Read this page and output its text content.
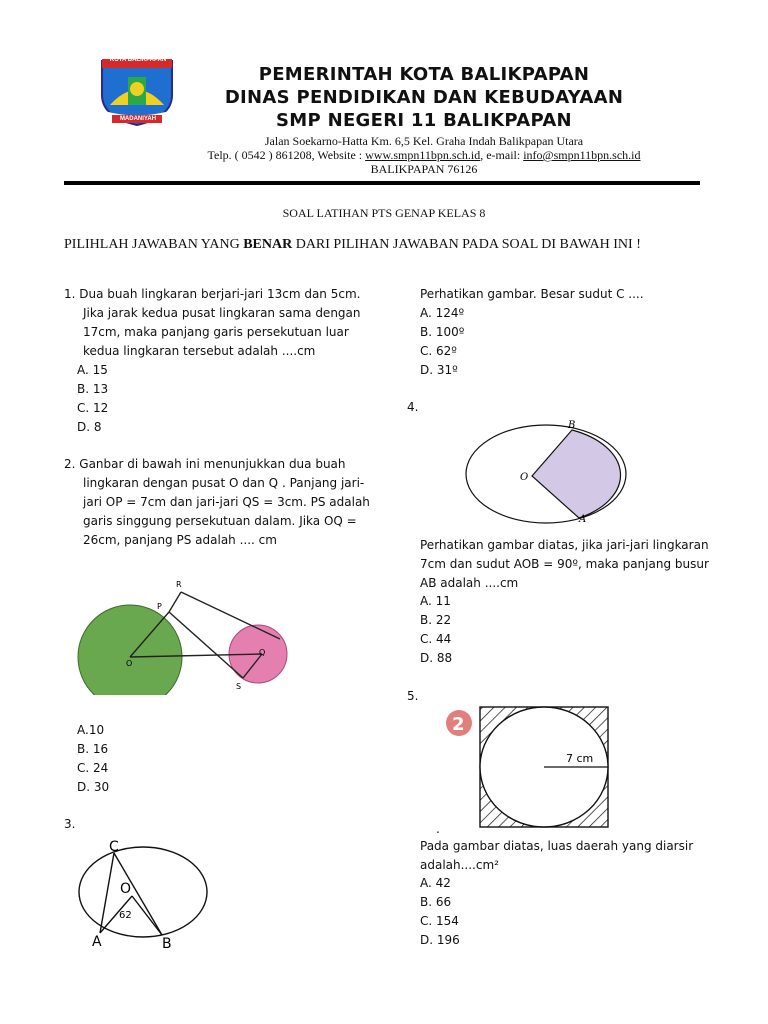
KOTA BALIKPAPAN
MADANIYAH
PEMERINTAH KOTA BALIKPAPAN
DINAS PENDIDIKAN DAN KEBUDAYAAN
SMP NEGERI 11 BALIKPAPAN
Jalan Soekarno-Hatta Km. 6,5 Kel. Graha Indah Balikpapan Utara
Telp. ( 0542 ) 861208, Website : www.smpn11bpn.sch.id, e-mail: info@smpn11bpn.sch.id
BALIKPAPAN 76126
SOAL LATIHAN PTS GENAP KELAS 8
PILIHLAH JAWABAN YANG BENAR DARI PILIHAN JAWABAN PADA SOAL DI BAWAH INI !
1. Dua buah lingkaran berjari-jari 13cm dan 5cm.
Jika jarak kedua pusat lingkaran sama dengan
17cm, maka panjang garis persekutuan luar
kedua lingkaran tersebut adalah ....cm
A. 15
B. 13
C. 12
D. 8
2. Ganbar di bawah ini menunjukkan dua buah
lingkaran dengan pusat O dan Q . Panjang jari-
jari OP = 7cm dan jari-jari QS = 3cm. PS adalah
garis singgung persekutuan dalam. Jika OQ =
26cm, panjang PS adalah .... cm
R
P
O
Q
S
A.10
B. 16
C. 24
D. 30
3.
C
O
62
A	B
Perhatikan gambar. Besar sudut C ....
A. 124º
B. 100º
C. 62º
D. 31º
4.
O
B
A
Perhatikan gambar diatas, jika jari-jari lingkaran
7cm dan sudut AOB = 90º, maka panjang busur
AB adalah ....cm
A. 11
B. 22
C. 44
D. 88
5.
2
7 cm
.
Pada gambar diatas, luas daerah yang diarsir
adalah....cm²
A. 42
B. 66
C. 154
D. 196
